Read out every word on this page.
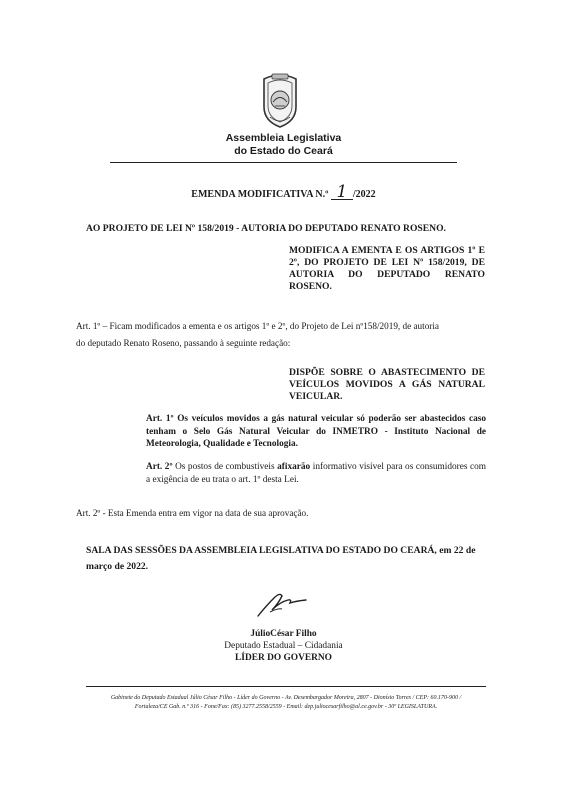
Assembleia Legislativa
do Estado do Ceará
EMENDA MODIFICATIVA N.º 1 /2022
AO PROJETO DE LEI Nº 158/2019 - AUTORIA DO DEPUTADO RENATO ROSENO.
MODIFICA A EMENTA E OS ARTIGOS 1º E 2º, DO PROJETO DE LEI Nº 158/2019, DE AUTORIA DO DEPUTADO RENATO ROSENO.
Art. 1º – Ficam modificados a ementa e os artigos 1º e 2º, do Projeto de Lei nº158/2019, de autoria
do deputado Renato Roseno, passando à seguinte redação:
DISPÕE SOBRE O ABASTECIMENTO DE VEÍCULOS MOVIDOS A GÁS NATURAL VEICULAR.
Art. 1º Os veículos movidos a gás natural veicular só poderão ser abastecidos caso tenham o Selo Gás Natural Veicular do INMETRO - Instituto Nacional de Meteorologia, Qualidade e Tecnologia.
Art. 2º Os postos de combustíveis afixarão informativo visível para os consumidores com a exigência de eu trata o art. 1º desta Lei.
Art. 2º - Esta Emenda entra em vigor na data de sua aprovação.
SALA DAS SESSÕES DA ASSEMBLEIA LEGISLATIVA DO ESTADO DO CEARÁ, em 22 de março de 2022.
JúlioCésar Filho
Deputado Estadual – Cidadania
LÍDER DO GOVERNO
Gabinete do Deputado Estadual Júlio César Filho - Líder do Governo - Av. Desembargador Moreira, 2807 - Dionísio Torres / CEP: 60.170-900 /
Fortaleza/CE Gab. n.º 316 - Fone/Fax: (85) 3277.2558/2559 - Email: dep.juliocesarfilho@al.ce.gov.br - 30º LEGISLATURA.
